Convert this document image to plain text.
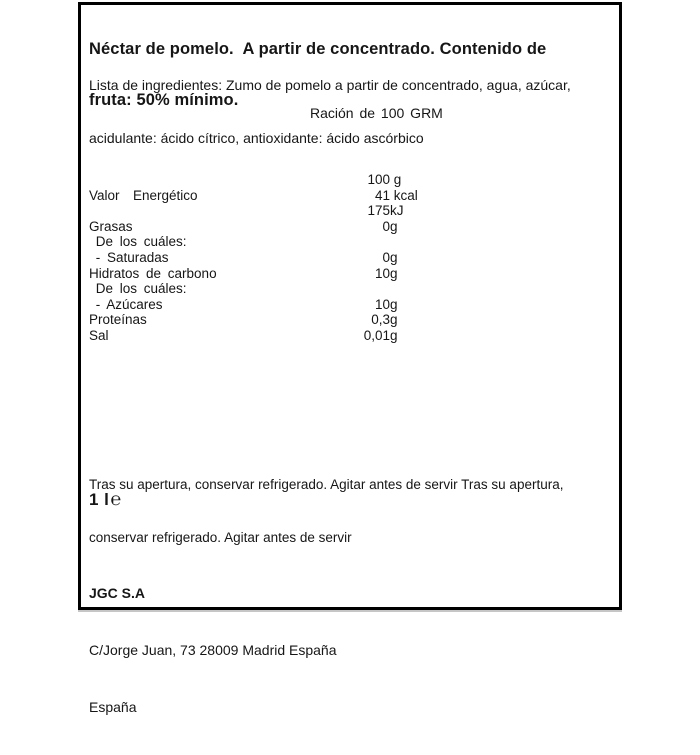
Néctar de pomelo.  A partir de concentrado. Contenido de

fruta: 50% mínimo.

Lista de ingredientes: Zumo de pomelo a partir de concentrado, agua, azúcar,

acidulante: ácido cítrico, antioxidante: ácido ascórbico

Ración de 100 GRM
100 g
Valor  Energético	41 kcal
175 kJ
Grasas	0 g
De los cuáles:
- Saturadas	0 g
Hidratos de carbono	10 g
De los cuáles:
- Azúcares	10 g
Proteínas	0,3 g
Sal	0,01 g

Tras su apertura, conservar refrigerado. Agitar antes de servir Tras su apertura,

conservar refrigerado. Agitar antes de servir

1 l℮

JGC S.A

C/Jorge Juan, 73 28009 Madrid España

España
